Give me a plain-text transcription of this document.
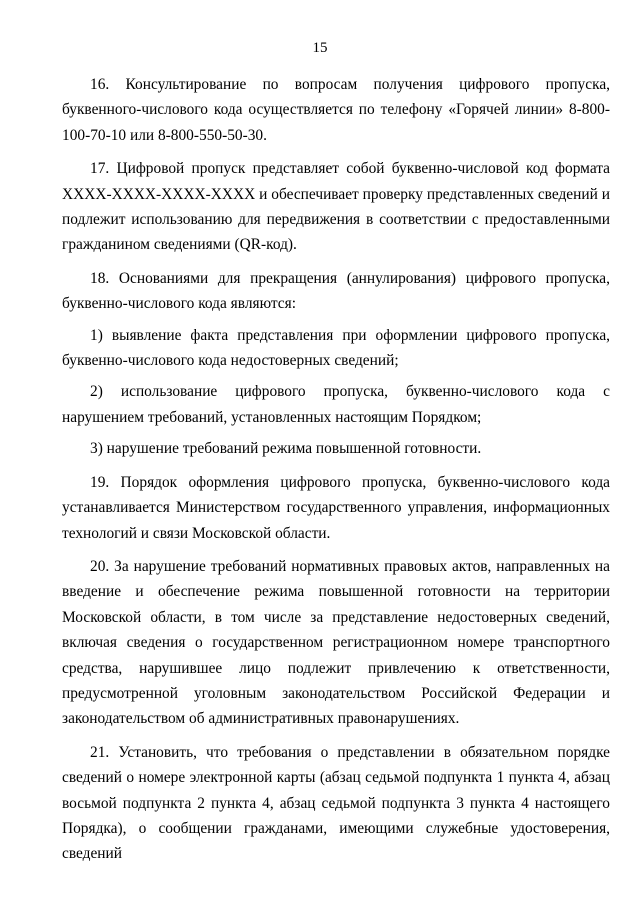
15

16. Консультирование по вопросам получения цифрового пропуска, буквенного-числового кода осуществляется по телефону «Горячей линии» 8-800-100-70-10 или 8-800-550-50-30.

17. Цифровой пропуск представляет собой буквенно-числовой код формата XXXX-XXXX-XXXX-XXXX и обеспечивает проверку представленных сведений и подлежит использованию для передвижения в соответствии с предоставленными гражданином сведениями (QR-код).

18. Основаниями для прекращения (аннулирования) цифрового пропуска, буквенно-числового кода являются:

1) выявление факта представления при оформлении цифрового пропуска, буквенно-числового кода недостоверных сведений;

2) использование цифрового пропуска, буквенно-числового кода с нарушением требований, установленных настоящим Порядком;

3) нарушение требований режима повышенной готовности.

19. Порядок оформления цифрового пропуска, буквенно-числового кода устанавливается Министерством государственного управления, информационных технологий и связи Московской области.

20. За нарушение требований нормативных правовых актов, направленных на введение и обеспечение режима повышенной готовности на территории Московской области, в том числе за представление недостоверных сведений, включая сведения о государственном регистрационном номере транспортного средства, нарушившее лицо подлежит привлечению к ответственности, предусмотренной уголовным законодательством Российской Федерации и законодательством об административных правонарушениях.

21. Установить, что требования о представлении в обязательном порядке сведений о номере электронной карты (абзац седьмой подпункта 1 пункта 4, абзац восьмой подпункта 2 пункта 4, абзац седьмой подпункта 3 пункта 4 настоящего Порядка), о сообщении гражданами, имеющими служебные удостоверения, сведений
